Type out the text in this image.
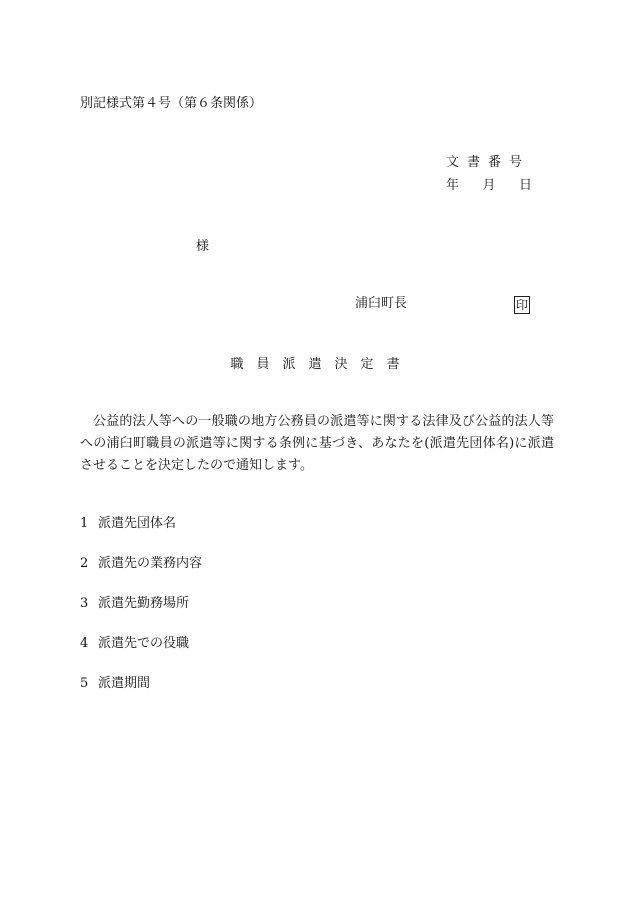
別記様式第４号（第６条関係）
文書番号
年 月 日
様
浦臼町長	印
職員派遣決定書
公益的法人等への一般職の地方公務員の派遣等に関する法律及び公益的法人等への浦臼町職員の派遣等に関する条例に基づき、あなたを(派遣先団体名)に派遣させることを決定したので通知します。
1 派遣先団体名
2 派遣先の業務内容
3 派遣先勤務場所
4 派遣先での役職
5 派遣期間
